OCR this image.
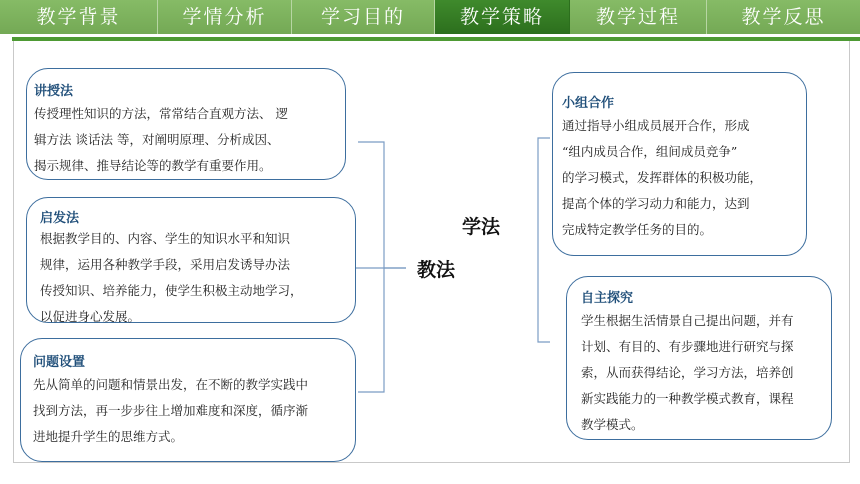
教学背景	学情分析	学习目的	教学策略	教学过程	教学反思
教法
学法
讲授法
传授理性知识的方法，常常结合直观方法、 逻
辑方法 谈话法 等，对阐明原理、分析成因、
揭示规律、推导结论等的教学有重要作用。
启发法
根据教学目的、内容、学生的知识水平和知识
规律，运用各种教学手段，采用启发诱导办法
传授知识、培养能力，使学生积极主动地学习，
以促进身心发展。
问题设置
先从简单的问题和情景出发，在不断的教学实践中
找到方法，再一步步往上增加难度和深度，循序渐
进地提升学生的思维方式。
小组合作
通过指导小组成员展开合作，形成
“组内成员合作，组间成员竞争”
的学习模式，发挥群体的积极功能，
提高个体的学习动力和能力，达到
完成特定教学任务的目的。
自主探究
学生根据生活情景自己提出问题，并有
计划、有目的、有步骤地进行研究与探
索，从而获得结论，学习方法，培养创
新实践能力的一种教学模式教育，课程
教学模式。
